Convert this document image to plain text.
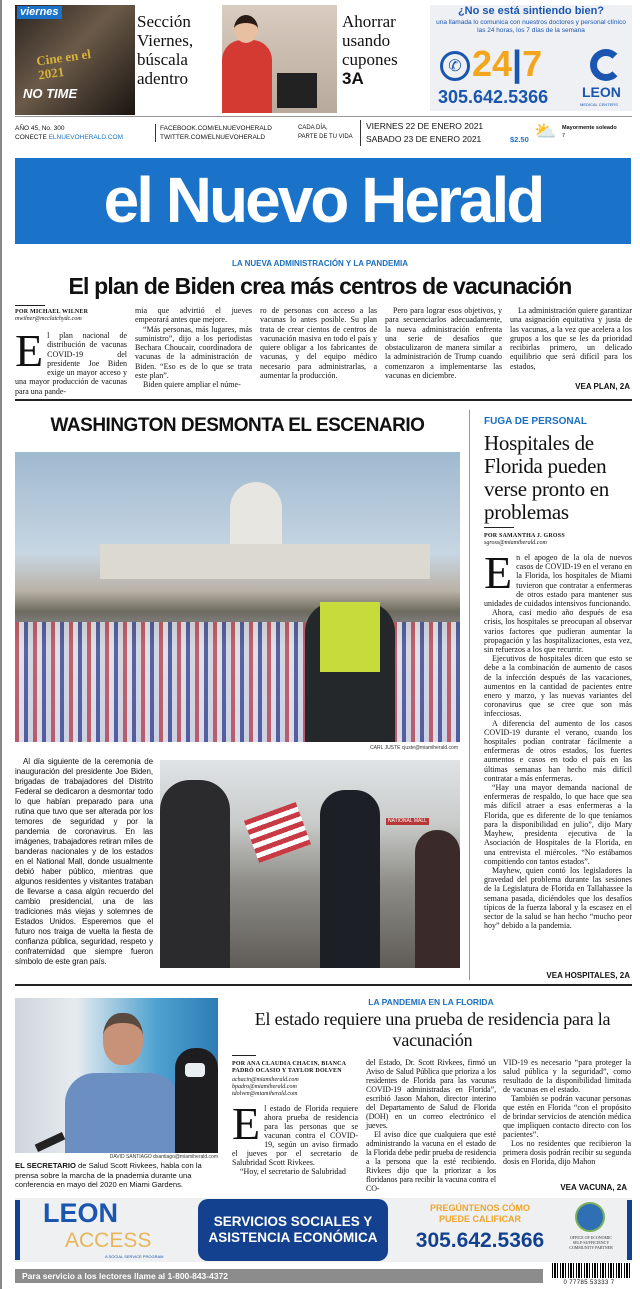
viernes
Cine en el 2021
NO TIME
Sección Viernes, búscala adentro
Ahorrar usando cupones
3A
¿No se está sintiendo bien?
una llamada lo comunica con nuestros doctores y personal clínico las 24 horas, los 7 días de la semana
✆ 24|7
305.642.5366 LEON
MEDICAL CENTERS
AÑO 45, No. 300
CONECTE ELNUEVOHERALD.COM
FACEBOOK.COM/ELNUEVOHERALD
TWITTER.COM/ELNUEVOHERALD
CADA DÍA,
PARTE DE TU VIDA
VIERNES 22 DE ENERO 2021
SABADO 23 DE ENERO 2021	$2.50 ⛅ Mayormente soleado
7
el Nuevo Herald
LA NUEVA ADMINISTRACIÓN Y LA PANDEMIA
El plan de Biden crea más centros de vacunación
POR MICHAEL WILNER
mwilner@mcclatchydc.com
El plan nacional de distribución de vacunas COVID-19 del presidente Joe Biden exige un mayor acceso y una mayor producción de vacunas para una pande-
mia que advirtió el jueves empeorará antes que mejore.

“Más personas, más lugares, más suministro”, dijo a los periodistas Bechara Choucair, coordinadora de vacunas de la administración de Biden. “Eso es de lo que se trata este plan”.

Biden quiere ampliar el núme-

ro de personas con acceso a las vacunas lo antes posible. Su plan trata de crear cientos de centros de vacunación masiva en todo el país y quiere obligar a los fabricantes de vacunas, y del equipo médico necesario para administrarlas, a aumentar la producción.

Pero para lograr esos objetivos, y para secuenciarlos adecuadamente, la nueva administración enfrenta una serie de desafíos que obstaculizaron de manera similar a la administración de Trump cuando comenzaron a implementarse las vacunas en diciembre.

La administración quiere garantizar una asignación equitativa y justa de las vacunas, a la vez que acelera a los grupos a los que se les da prioridad recibirlas primero, un delicado equilibrio que será difícil para los estados,

VEA PLAN, 2A
WASHINGTON DESMONTA EL ESCENARIO
CARL JUSTE cjuste@miamiherald.com
Al día siguiente de la ceremonia de inauguración del presidente Joe Biden, brigadas de trabajadores del Distrito Federal se dedicaron a desmontar todo lo que habían preparado para una rutina que tuvo que ser alterada por los temores de seguridad y por la pandemia de coronavirus. En las imágenes, trabajadores retiran miles de banderas nacionales y de los estados en el National Mall, donde usualmente debió haber público, mientras que algunos residentes y visitantes trataban de llevarse a casa algún recuerdo del cambio presidencial, una de las tradiciones más viejas y solemnes de Estados Unidos. Esperemos que el futuro nos traiga de vuelta la fiesta de confianza pública, seguridad, respeto y confraternidad que siempre fueron símbolo de este gran país.
NATIONAL MALL
FUGA DE PERSONAL
Hospitales de Florida pueden verse pronto en problemas
POR SAMANTHA J. GROSS
sgross@miamiherald.com
En el apogeo de la ola de nuevos casos de COVID-19 en el verano en la Florida, los hospitales de Miami tuvieron que contratar a enfermeras de otros estado para mantener sus unidades de cuidados intensivos funcionando.

Ahora, casi medio año después de esa crisis, los hospitales se preocupan al observar varios factores que pudieran aumentar la propagación y las hospitalizaciones, esta vez, sin refuerzos a los que recurrir.

Ejecutivos de hospitales dicen que esto se debe a la combinación de aumento de casos de la infección después de las vacaciones, aumentos en la cantidad de pacientes entre enero y marzo, y las nuevas variantes del coronavirus que se cree que son más infecciosas.

A diferencia del aumento de los casos COVID-19 durante el verano, cuando los hospitales podían contratar fácilmente a enfermeras de otros estados, los fuertes aumentos e casos en todo el país en las últimas semanas han hecho más difícil contratar a más enfermeras.

“Hay una mayor demanda nacional de enfermeras de respaldo, lo que hace que sea más difícil atraer a esas enfermeras a la Florida, que es diferente de lo que teníamos para la disponibilidad en julio”, dijo Mary Mayhew, presidenta ejecutiva de la Asociación de Hospitales de la Florida, en una entrevista el miércoles. “No estábamos compitiendo con tantos estados”.

Mayhew, quien contó los legisladores la gravedad del problema durante las sesiones de la Legislatura de Florida en Tallahassee la semana pasada, diciéndoles que los desafíos típicos de la fuerza laboral y la escasez en el sector de la salud se han hecho “mucho peor hoy” debido a la pandemia.

VEA HOSPITALES, 2A
DAVID SANTIAGO dsantiago@miamiherald.com
EL SECRETARIO de Salud Scott Rivkees, habla con la prensa sobre la marcha de la pnademia durante una conferencia en mayo del 2020 en Miami Gardens.
LA PANDEMIA EN LA FLORIDA
El estado requiere una prueba de residencia para la vacunación
POR ANA CLAUDIA CHACIN, BIANCA PADRÓ OCASIO Y TAYLOR DOLVEN
achacin@miamiherald.com
bpadro@miamiherald.com
tdolven@miamiherald.com
El estado de Florida requiere ahora prueba de residencia para las personas que se vacunan contra el COVID-19, según un aviso firmado el jueves por el secretario de Salubridad Scott Rivkees.

“Hoy, el secretario de Salubridad

del Estado, Dr. Scott Rivkees, firmó un Aviso de Salud Pública que prioriza a los residentes de Florida para las vacunas COVID-19 administradas en Florida”, escribió Jason Mahon, director interino del Departamento de Salud de Florida (DOH) en un correo electrónico el jueves.

El aviso dice que cualquiera que esté administrando la vacuna en el estado de la Florida debe pedir prueba de residencia a la persona que la esté recibiendo. Rivkees dijo que la priorizar a los floridanos para recibir la vacuna contra el CO-

VID-19 es necesario “para proteger la salud pública y la seguridad”, como resultado de la disponibilidad limitada de vacunas en el estado.

También se podrán vacunar personas que estén en Florida “con el propósito de brindar servicios de atención médica que impliquen contacto directo con los pacientes”.

Los no residentes que recibieron la primera dosis podrán recibir su segunda dosis en Florida, dijo Mahon

VEA VACUNA, 2A
LEON
ACCESS
A SOCIAL SERVICE PROGRAM
SERVICIOS SOCIALES Y
ASISTENCIA ECONÓMICA
PREGÚNTENOS CÓMO
PUEDE CALIFICAR
305.642.5366	OFFICE OF ECONOMIC SELF-SUFFICIENCY COMMUNITY PARTNER
Para servicio a los lectores llame al 1-800-843-4372
0 77785 53333 7
